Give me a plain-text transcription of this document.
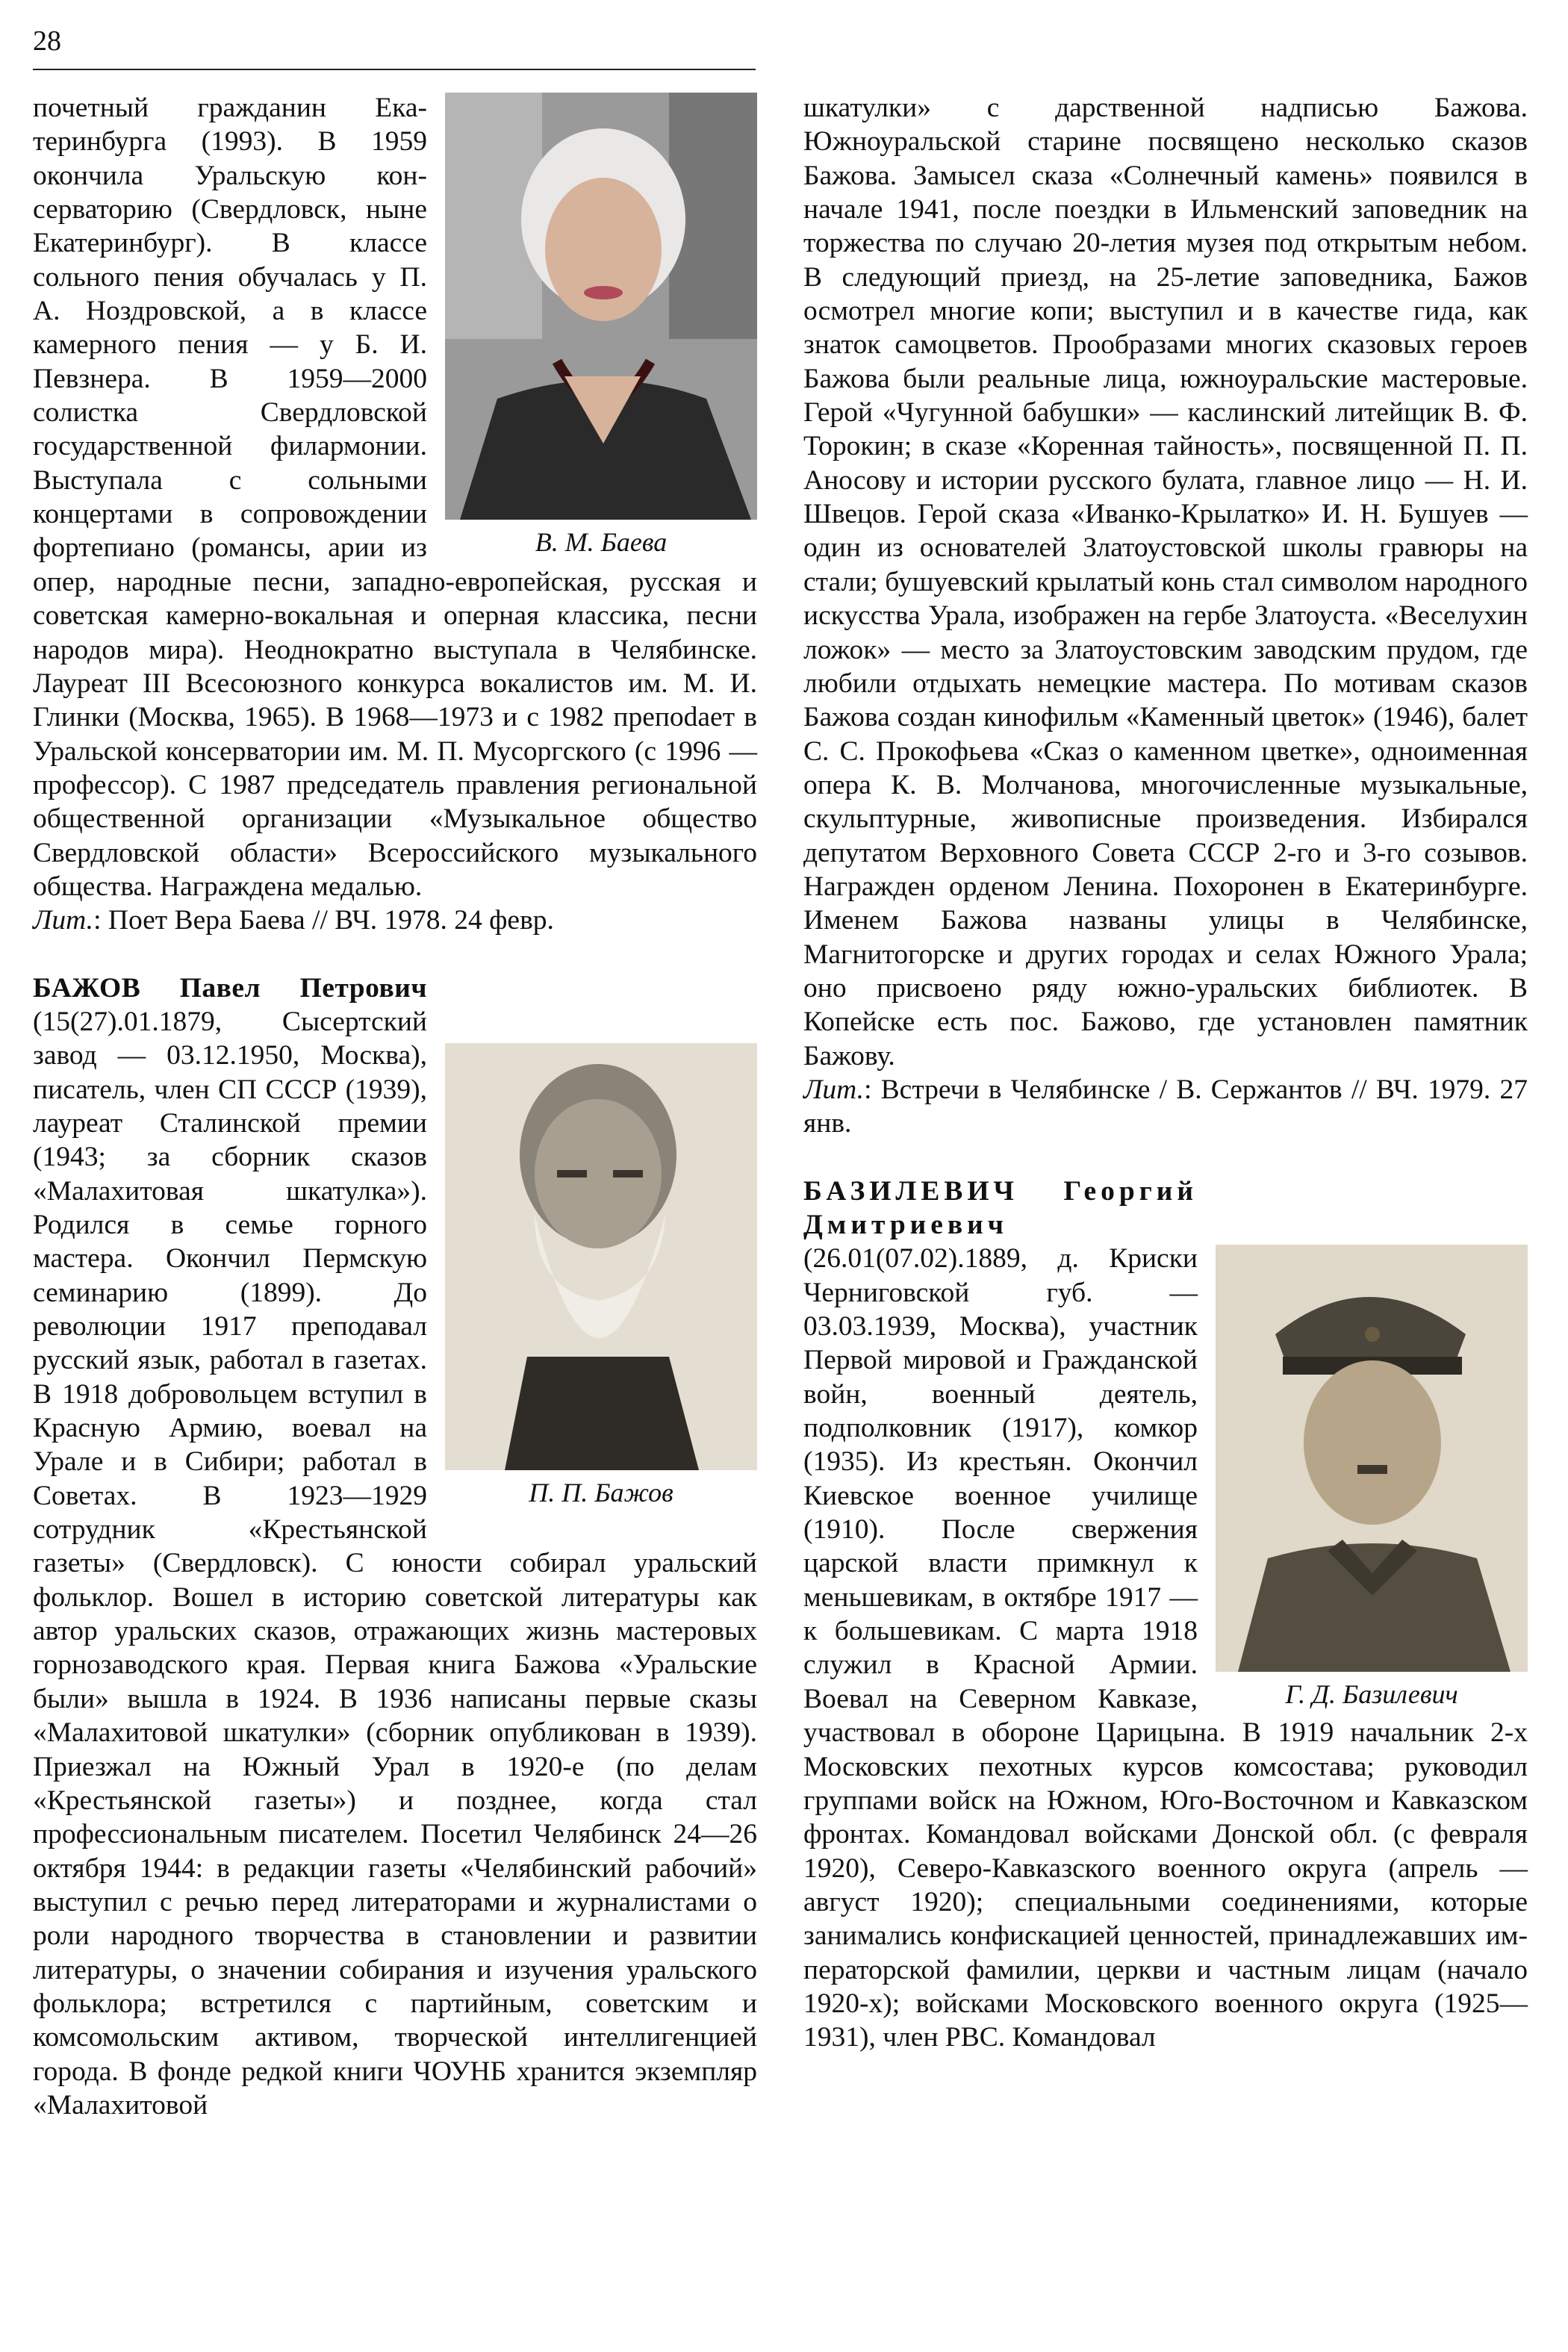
28
В. М. Баева

почетный гражданин Екатеринбурга (1993). В 1959 окончила Уральскую консерваторию (Свердловск, ныне Екатеринбург). В классе сольного пения обучалась у П. А. Ноздровской, а в классе камерного пения — у Б. И. Певзнера. В 1959—2000 солистка Свердловской государственной филармонии. Выступала с сольными концертами в сопровождении фортепиано (романсы, арии из опер, народные песни, западно-европейская, русская и советская камерно-вокальная и оперная классика, песни народов мира). Неоднократно выступала в Челябинске. Лауреат III Всесоюзного конкурса вокалистов им. М. И. Глинки (Москва, 1965). В 1968—1973 и с 1982 препоdает в Уральской консерватории им. М. П. Мусоргского (с 1996 — профессор). С 1987 председатель правления региональной общественной организации «Музыкальное общество Свердловской области» Всероссийского музыкального общества. Награждена медалью.

Лит.: Поет Вера Баева // ВЧ. 1978. 24 февр.

П. П. Бажов
БАЖОВ Павел Петрович (15(27).01.1879, Сысертский завод — 03.12.1950, Москва), писатель, член СП СССР (1939), лауреат Сталинской премии (1943; за сборник сказов «Малахитовая шкатулка»). Родился в семье горного мастера. Окончил Пермскую семинарию (1899). До революции 1917 преподавал русский язык, работал в газетах. В 1918 добровольцем вступил в Красную Армию, воевал на Урале и в Сибири; работал в Советах. В 1923—1929 сотрудник «Крестьянской газеты» (Свердловск). С юности собирал уральский фольклор. Вошел в историю советской литературы как автор уральских сказов, отражающих жизнь мастеровых горнозаводского края. Первая книга Бажова «Уральские были» вышла в 1924. В 1936 написаны первые сказы «Малахитовой шкатулки» (сборник опубликован в 1939). Приезжал на Южный Урал в 1920-е (по делам «Крестьянской газеты») и позднее, когда стал профессиональным писателем. Посетил Челябинск 24—26 октября 1944: в редакции газеты «Челябинский рабочий» выступил с речью перед литераторами и журналистами о роли народного творчества в становлении и развитии литературы, о значении собирания и изучения уральского фольклора; встретился с партийным, советским и комсомольским активом, творческой интеллигенцией города. В фонде редкой книги ЧОУНБ хранится экземпляр «Малахитовой

шкатулки» с дарственной надписью Бажова. Южноуральской старине посвящено несколько сказов Бажова. Замысел сказа «Солнечный камень» появился в начале 1941, после поездки в Ильменский заповедник на торжества по случаю 20-летия музея под открытым небом. В следующий приезд, на 25-летие заповедника, Бажов осмотрел многие копи; выступил и в качестве гида, как знаток самоцветов. Прообразами многих сказовых героев Бажова были реальные лица, южноуральские мастеровые. Герой «Чугунной бабушки» — каслинский литейщик В. Ф. Торокин; в сказе «Коренная тайность», посвященной П. П. Аносову и истории русского булата, главное лицо — Н. И. Швецов. Герой сказа «Иванко-Крылатко» И. Н. Бушуев — один из основателей Златоустовской школы гравюры на стали; бушуевский крылатый конь стал символом народного искусства Урала, изображен на гербе Златоуста. «Веселухин ложок» — место за Златоустовским заводским прудом, где любили отдыхать немецкие мастера. По мотивам сказов Бажова создан кинофильм «Каменный цветок» (1946), балет С. С. Прокофьева «Сказ о каменном цветке», одноименная опера К. В. Молчанова, многочисленные музыкальные, скульптурные, живописные произведения. Избирался депутатом Верховного Совета СССР 2-го и 3-го созывов. Награжден орденом Ленина. Похоронен в Екатеринбурге. Именем Бажова названы улицы в Челябинске, Магнитогорске и других городах и селах Южного Урала; оно присвоено ряду южно-уральских библиотек. В Копейске есть пос. Бажово, где установлен памятник Бажову.

Лит.: Встречи в Челябинске / В. Сержантов // ВЧ. 1979. 27 янв.

Г. Д. Базилевич
БАЗИЛЕВИЧ Георгий Дмитриевич (26.01(07.02).1889, д. Криски Черниговской губ. — 03.03.1939, Москва), участник Первой мировой и Гражданской войн, военный деятель, подполковник (1917), комкор (1935). Из крестьян. Окончил Киевское военное училище (1910). После свержения царской власти примкнул к меньшевикам, в октябре 1917 — к большевикам. С марта 1918 служил в Красной Армии. Воевал на Северном Кавказе, участвовал в обороне Царицына. В 1919 начальник 2-х Московских пехотных курсов комсостава; руководил группами войск на Южном, Юго-Восточном и Кавказском фронтах. Командовал войсками Донской обл. (с февраля 1920), Северо-Кавказского военного округа (апрель — август 1920); специальными соединениями, которые занимались конфискацией ценностей, принадлежавших императорской фамилии, церкви и частным лицам (начало 1920-х); войсками Московского военного округа (1925—1931), член РВС. Командовал
